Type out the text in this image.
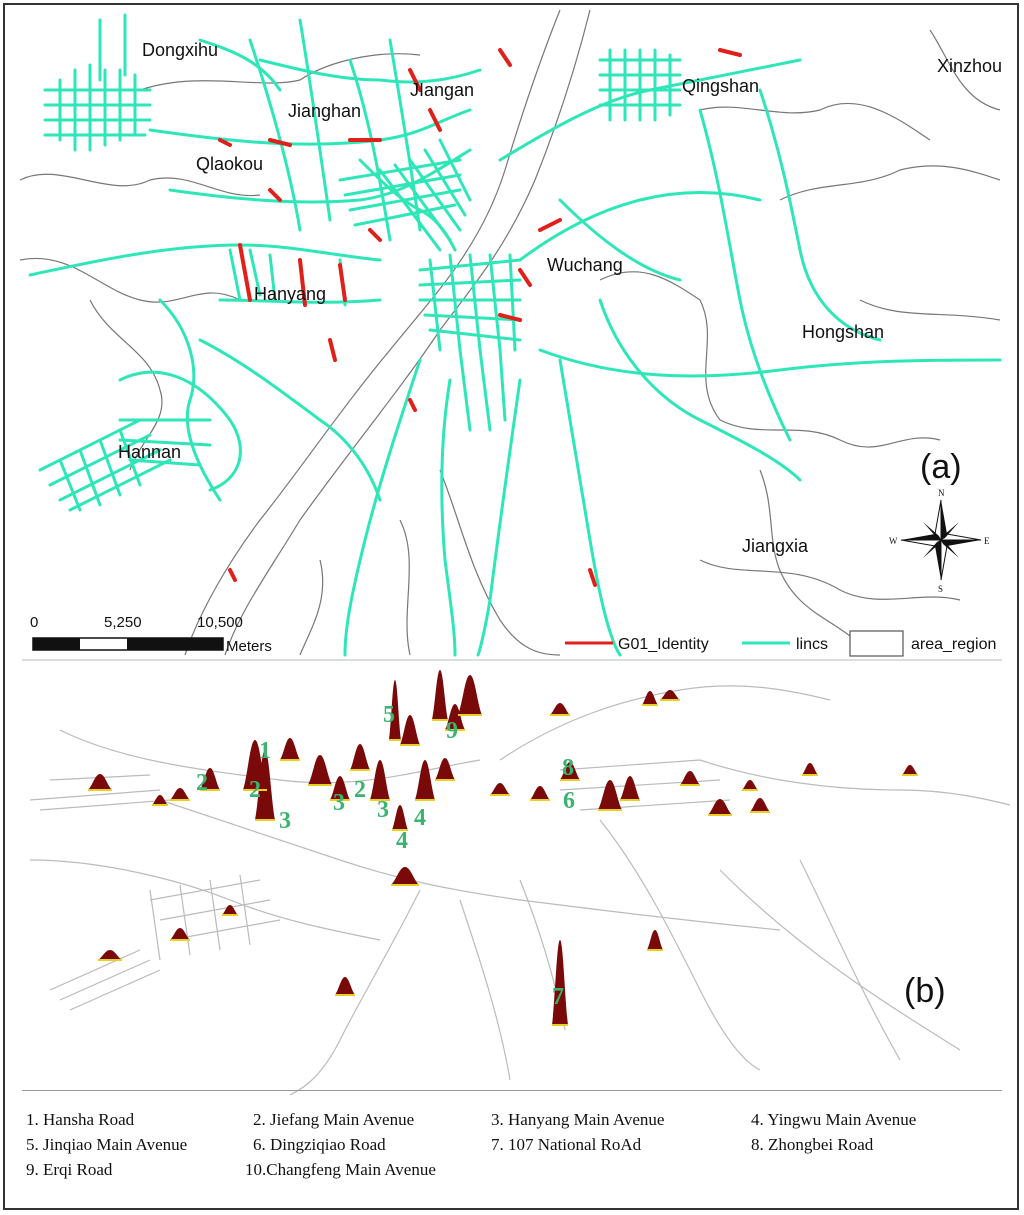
Dongxihu
Jianghan
JIangan	Qingshan
Xinzhou
Qlaokou
Wuchang
Hanyang
Hongshan
Hannan
Jiangxia
(a)
N
S
E
W
0	5,250	10,500
Meters	G01_Identity	lincs	area_region
1
2 2	2
3
3 3 4
4
5
6
7
8
9
(b)
1. Hansha Road	2. Jiefang Main Avenue	3. Hanyang Main Avenue	4. Yingwu Main Avenue
5. Jinqiao Main Avenue	6. Dingziqiao Road	7. 107 National RoAd	8. Zhongbei Road
9. Erqi Road	10.Changfeng Main Avenue
